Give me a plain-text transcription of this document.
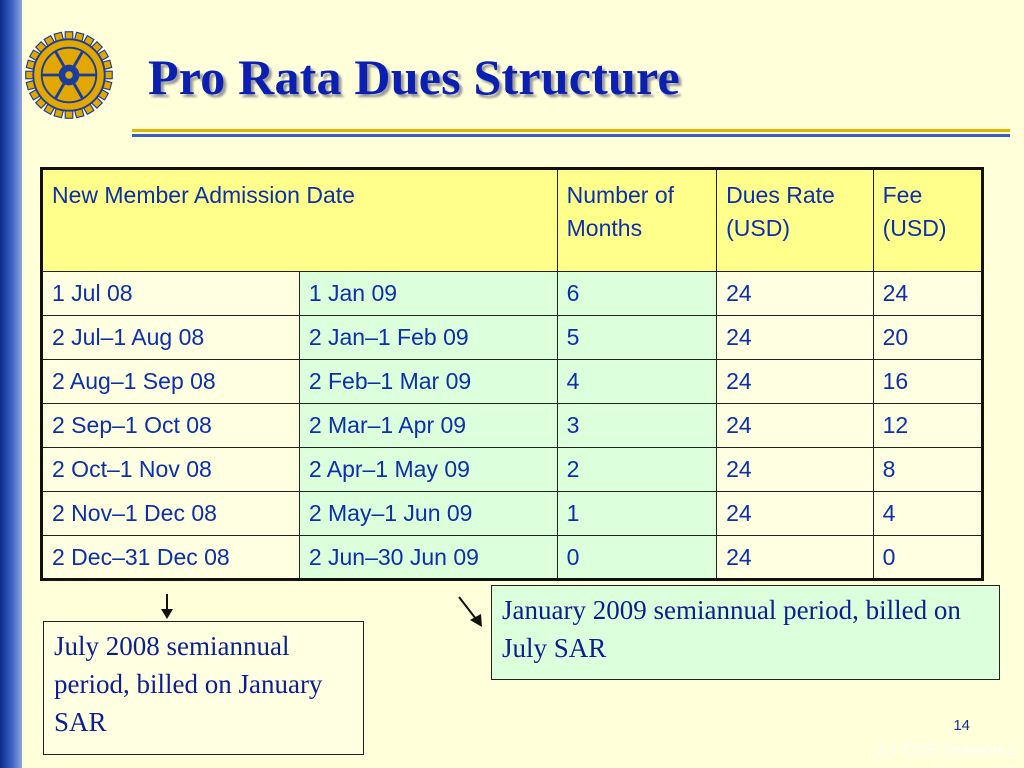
Pro Rata Dues Structure
New Member Admission Date		Number of Months	Dues Rate (USD)	Fee (USD)
1 Jul 08	1 Jan 09	6	24	24
2 Jul–1 Aug 08	2 Jan–1 Feb 09	5	24	20
2 Aug–1 Sep 08	2 Feb–1 Mar 09	4	24	16
2 Sep–1 Oct 08	2 Mar–1 Apr 09	3	24	12
2 Oct–1 Nov 08	2 Apr–1 May 09	2	24	8
2 Nov–1 Dec 08	2 May–1 Jun 09	1	24	4
2 Dec–31 Dec 08	2 Jun–30 Jun 09	0	24	0
July 2008 semiannual period, billed on January SAR
January 2009 semiannual period, billed on July SAR
14
2.1 CDS Session 2
